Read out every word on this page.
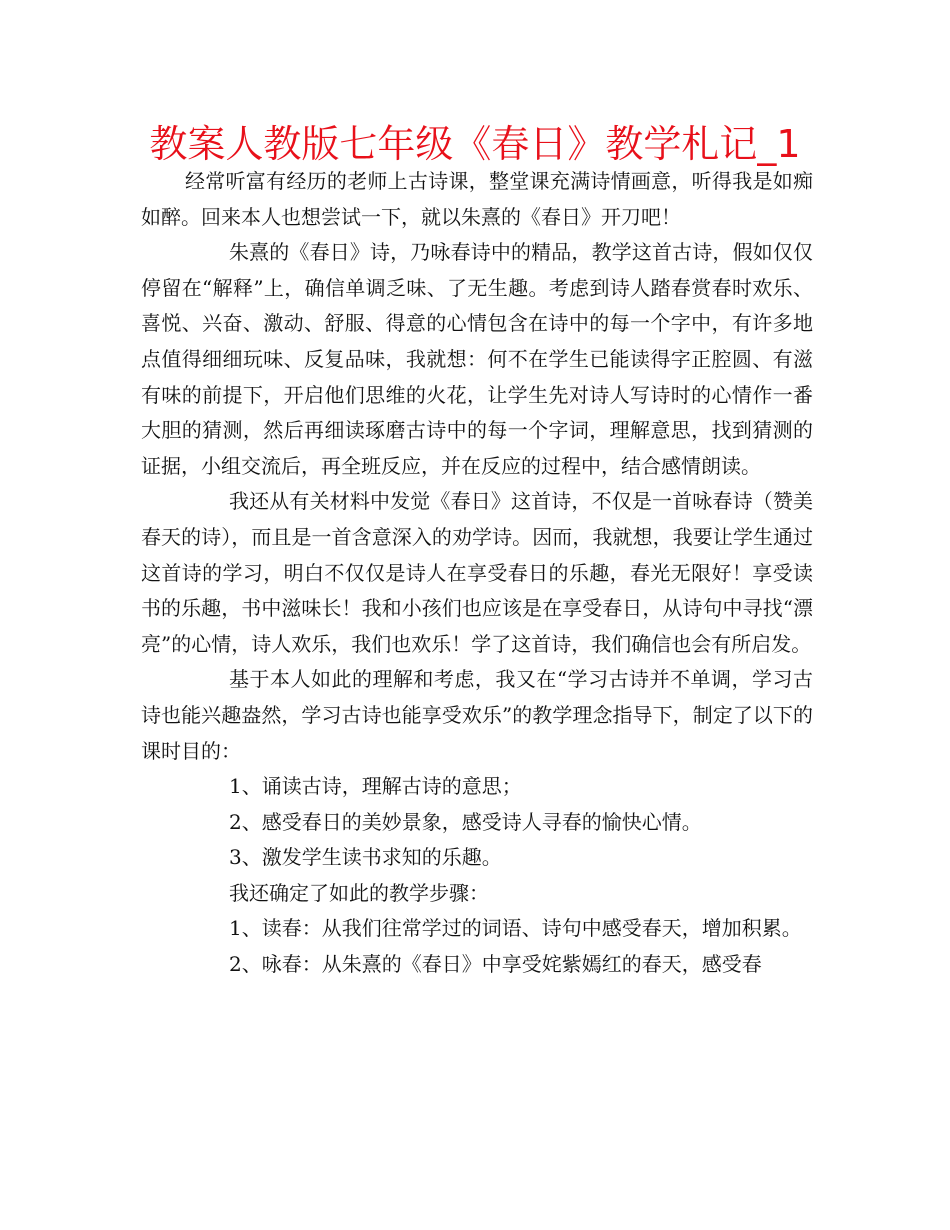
教案人教版七年级《春日》教学札记_1

经常听富有经历的老师上古诗课，整堂课充满诗情画意，听得我是如痴如醉。回来本人也想尝试一下，就以朱熹的《春日》开刀吧！

朱熹的《春日》诗，乃咏春诗中的精品，教学这首古诗，假如仅仅停留在“解释”上，确信单调乏味、了无生趣。考虑到诗人踏春赏春时欢乐、喜悦、兴奋、激动、舒服、得意的心情包含在诗中的每一个字中，有许多地点值得细细玩味、反复品味，我就想：何不在学生已能读得字正腔圆、有滋有味的前提下，开启他们思维的火花，让学生先对诗人写诗时的心情作一番大胆的猜测，然后再细读琢磨古诗中的每一个字词，理解意思，找到猜测的证据，小组交流后，再全班反应，并在反应的过程中，结合感情朗读。

我还从有关材料中发觉《春日》这首诗，不仅是一首咏春诗（赞美春天的诗），而且是一首含意深入的劝学诗。因而，我就想，我要让学生通过这首诗的学习，明白不仅仅是诗人在享受春日的乐趣，春光无限好！享受读书的乐趣，书中滋味长！我和小孩们也应该是在享受春日，从诗句中寻找“漂亮”的心情，诗人欢乐，我们也欢乐！学了这首诗，我们确信也会有所启发。

基于本人如此的理解和考虑，我又在“学习古诗并不单调，学习古诗也能兴趣盎然，学习古诗也能享受欢乐”的教学理念指导下，制定了以下的课时目的：

1、诵读古诗，理解古诗的意思；

2、感受春日的美妙景象，感受诗人寻春的愉快心情。

3、激发学生读书求知的乐趣。

我还确定了如此的教学步骤：

1、读春：从我们往常学过的词语、诗句中感受春天，增加积累。

2、咏春：从朱熹的《春日》中享受姹紫嫣红的春天，感受春
